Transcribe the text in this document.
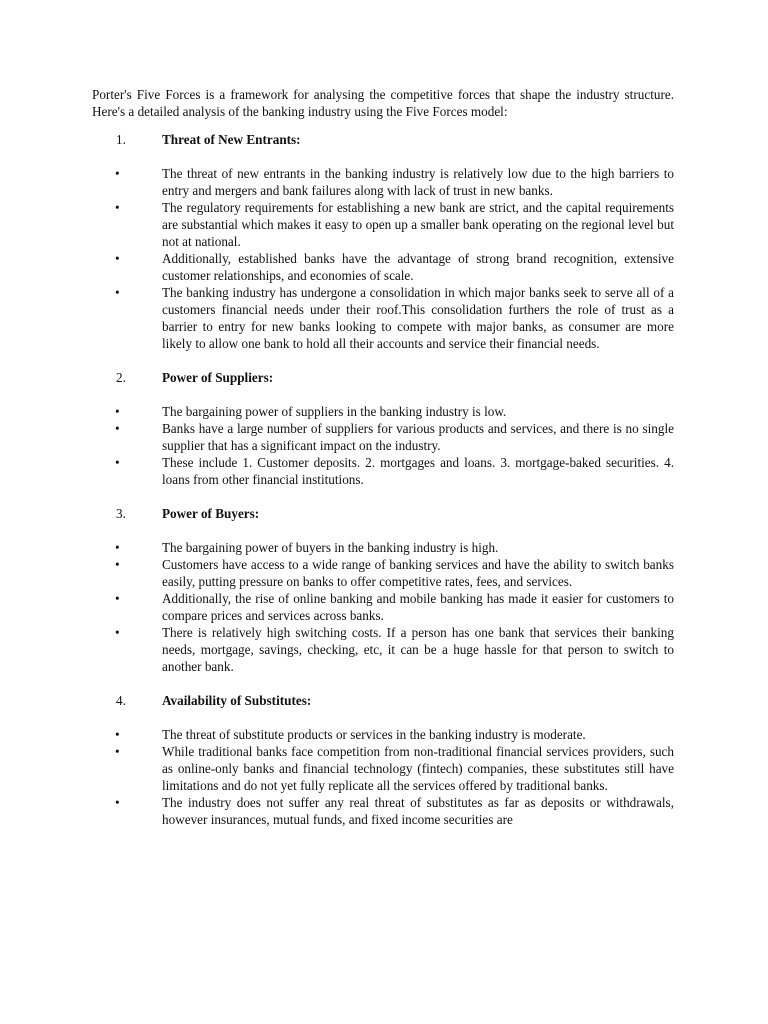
Porter's Five Forces is a framework for analysing the competitive forces that shape the industry structure. Here's a detailed analysis of the banking industry using the Five Forces model:

1.	Threat of New Entrants:
•	The threat of new entrants in the banking industry is relatively low due to the high barriers to entry and mergers and bank failures along with lack of trust in new banks.
•	The regulatory requirements for establishing a new bank are strict, and the capital requirements are substantial which makes it easy to open up a smaller bank operating on the regional level but not at national.
•	Additionally, established banks have the advantage of strong brand recognition, extensive customer relationships, and economies of scale.
•	The banking industry has undergone a consolidation in which major banks seek to serve all of a customers financial needs under their roof.This consolidation furthers the role of trust as a barrier to entry for new banks looking to compete with major banks, as consumer are more likely to allow one bank to hold all their accounts and service their financial needs.
2.	Power of Suppliers:
•	The bargaining power of suppliers in the banking industry is low.
•	Banks have a large number of suppliers for various products and services, and there is no single supplier that has a significant impact on the industry.
•	These include 1. Customer deposits. 2. mortgages and loans. 3. mortgage-baked securities. 4. loans from other financial institutions.
3.	Power of Buyers:
•	The bargaining power of buyers in the banking industry is high.
•	Customers have access to a wide range of banking services and have the ability to switch banks easily, putting pressure on banks to offer competitive rates, fees, and services.
•	Additionally, the rise of online banking and mobile banking has made it easier for customers to compare prices and services across banks.
•	There is relatively high switching costs. If a person has one bank that services their banking needs, mortgage, savings, checking, etc, it can be a huge hassle for that person to switch to another bank.
4.	Availability of Substitutes:
•	The threat of substitute products or services in the banking industry is moderate.
•	While traditional banks face competition from non-traditional financial services providers, such as online-only banks and financial technology (fintech) companies, these substitutes still have limitations and do not yet fully replicate all the services offered by traditional banks.
•	The industry does not suffer any real threat of substitutes as far as deposits or withdrawals, however insurances, mutual funds, and fixed income securities are
